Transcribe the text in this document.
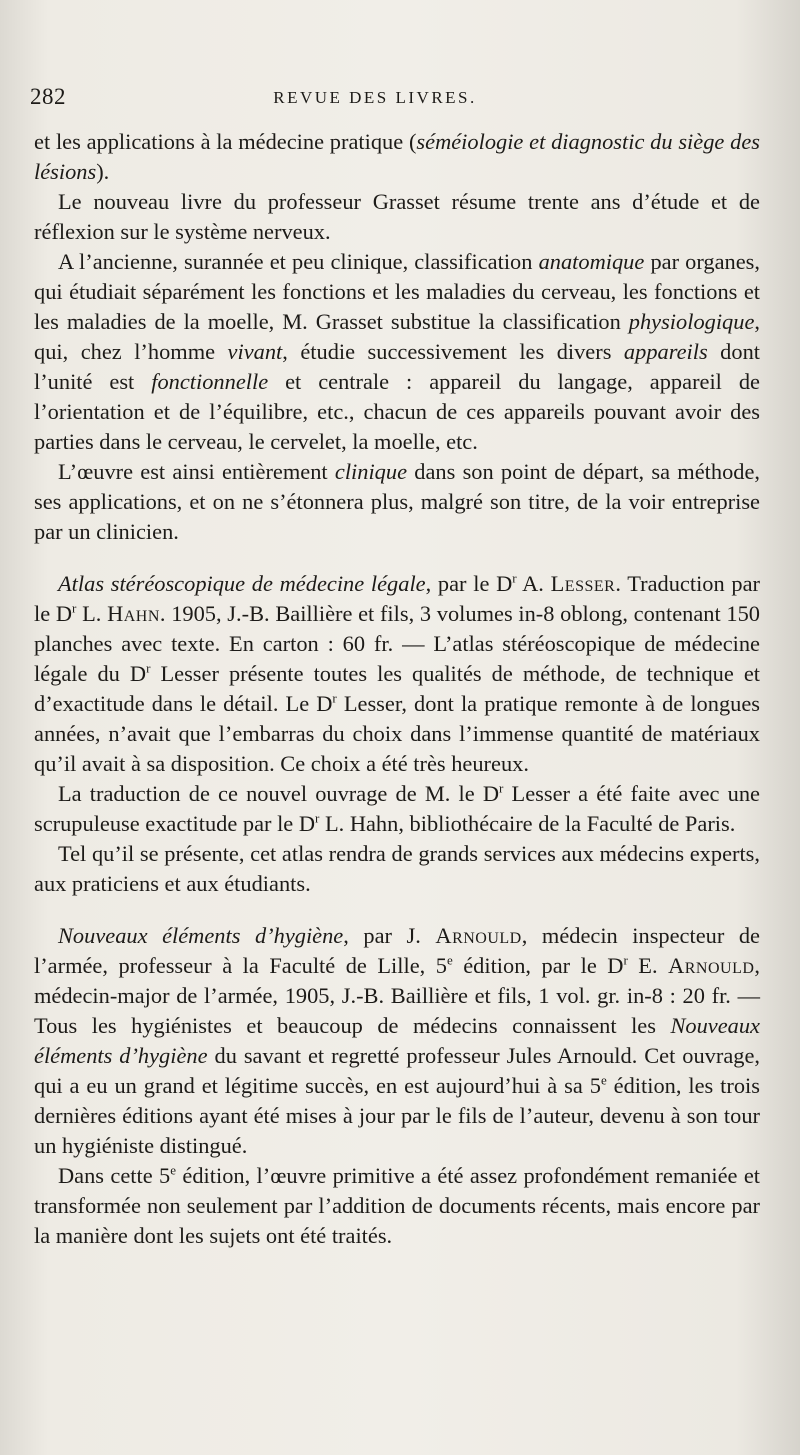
282	REVUE DES LIVRES.

et les applications à la médecine pratique (séméiologie et diagnostic du siège des lésions).

Le nouveau livre du professeur Grasset résume trente ans d’étude et de réflexion sur le système nerveux.

A l’ancienne, surannée et peu clinique, classification anatomique par organes, qui étudiait séparément les fonctions et les maladies du cerveau, les fonctions et les maladies de la moelle, M. Grasset substitue la classification physiologique, qui, chez l’homme vivant, étudie successivement les divers appareils dont l’unité est fonctionnelle et centrale : appareil du langage, appareil de l’orientation et de l’équilibre, etc., chacun de ces appareils pouvant avoir des parties dans le cerveau, le cervelet, la moelle, etc.

L’œuvre est ainsi entièrement clinique dans son point de départ, sa méthode, ses applications, et on ne s’étonnera plus, malgré son titre, de la voir entreprise par un clinicien.

Atlas stéréoscopique de médecine légale, par le $D^r$ A. Lesser. Traduction par le $D^r$ L. Hahn. 1905, J.-B. Baillière et fils, 3 volumes in-8 oblong, contenant 150 planches avec texte. En carton : 60 fr. — L’atlas stéréoscopique de médecine légale du $D^r$ Lesser présente toutes les qualités de méthode, de technique et d’exactitude dans le détail. Le $D^r$ Lesser, dont la pratique remonte à de longues années, n’avait que l’embarras du choix dans l’immense quantité de matériaux qu’il avait à sa disposition. Ce choix a été très heureux.

La traduction de ce nouvel ouvrage de M. le $D^r$ Lesser a été faite avec une scrupuleuse exactitude par le $D^r$ L. Hahn, bibliothécaire de la Faculté de Paris.

Tel qu’il se présente, cet atlas rendra de grands services aux médecins experts, aux praticiens et aux étudiants.

Nouveaux éléments d’hygiène, par J. Arnould, médecin inspecteur de l’armée, professeur à la Faculté de Lille, 5e édition, par le $D^r$ E. Arnould, médecin-major de l’armée, 1905, J.-B. Baillière et fils, 1 vol. gr. in-8 : 20 fr. — Tous les hygiénistes et beaucoup de médecins connaissent les Nouveaux éléments d’hygiène du savant et regretté professeur Jules Arnould. Cet ouvrage, qui a eu un grand et légitime succès, en est aujourd’hui à sa 5e édition, les trois dernières éditions ayant été mises à jour par le fils de l’auteur, devenu à son tour un hygiéniste distingué.

Dans cette 5e édition, l’œuvre primitive a été assez profondément remaniée et transformée non seulement par l’addition de documents récents, mais encore par la manière dont les sujets ont été traités.
